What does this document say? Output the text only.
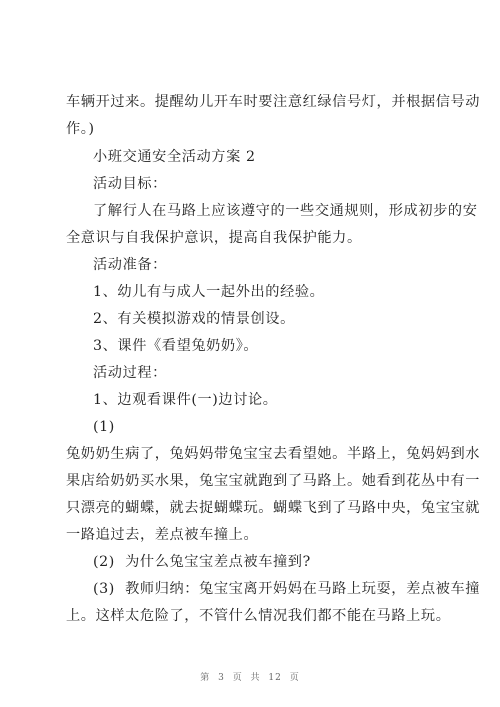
车辆开过来。提醒幼儿开车时要注意红绿信号灯，并根据信号动
作。)
小班交通安全活动方案 2
活动目标：
了解行人在马路上应该遵守的一些交通规则，形成初步的安
全意识与自我保护意识，提高自我保护能力。
活动准备：
1、幼儿有与成人一起外出的经验。
2、有关模拟游戏的情景创设。
3、课件《看望兔奶奶》。
活动过程：
1、边观看课件(一)边讨论。
(1)
兔奶奶生病了，兔妈妈带兔宝宝去看望她。半路上，兔妈妈到水
果店给奶奶买水果，兔宝宝就跑到了马路上。她看到花丛中有一
只漂亮的蝴蝶，就去捉蝴蝶玩。蝴蝶飞到了马路中央，兔宝宝就
一路追过去，差点被车撞上。
(2)  为什么兔宝宝差点被车撞到?
(3)  教师归纳：兔宝宝离开妈妈在马路上玩耍，差点被车撞
上。这样太危险了，不管什么情况我们都不能在马路上玩。
第 3 页 共 12 页
